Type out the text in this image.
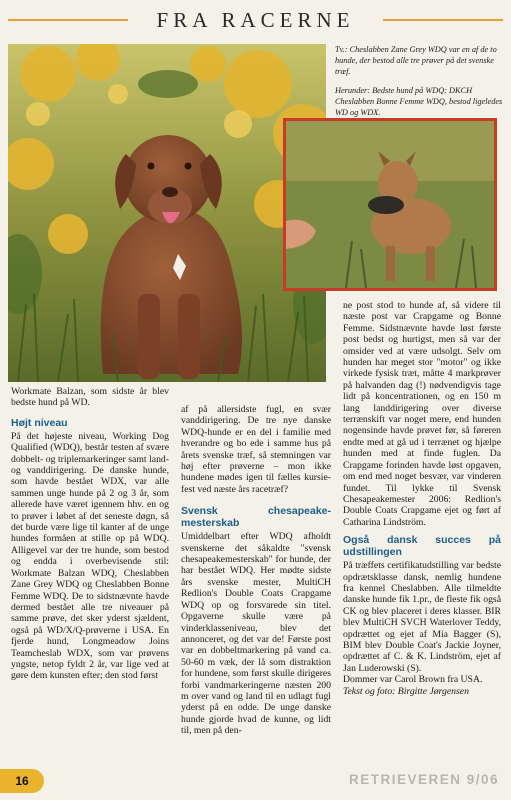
FRA RACERNE

Tv.: Cheslabben Zane Grey WDQ var en af de to hunde, der bestod alle tre prøver på det svenske træf.

Herunder: Bedste hund på WDQ: DKCH Cheslabben Bonne Femme WDQ, bestod ligeledes WD og WDX.

Workmate Balzan, som sidste år blev bedste hund på WD.

Højt niveau

På det højeste niveau, Working Dog Qualified (WDQ), består testen af svære dobbelt- og triplemarkeringer samt land- og vanddirigering. De danske hunde, som havde bestået WDX, var alle sammen unge hunde på 2 og 3 år, som allerede have været igennem hhv. en og to prøver i løbet af det seneste døgn, så det burde være lige til kanter af de unge hundes formåen at stille op på WDQ. Alligevel var der tre hunde, som bestod og endda i overbevisende stil: Workmate Balzan WDQ, Cheslabben Zane Grey WDQ og Cheslabben Bonne Femme WDQ. De to sidstnævnte havde dermed bestået alle tre niveauer på samme prøve, det sker yderst sjældent, også på WD/X/Q-prøverne i USA. En fjerde hund, Longmeadow Joins Teamcheslab WDX, som var prøvens yngste, netop fyldt 2 år, var lige ved at gøre dem kunsten efter; den stod først

af på allersidste fugl, en svær vanddirigering. De tre nye danske WDQ-hunde er en del i familie med hverandre og bo ede i samme hus på årets svenske træf, så stemningen var høj efter prøverne – mon ikke hundene mødes igen til fælles kursie-fest ved næste års racetræf?

Svensk chesapeake-mesterskab

Umiddelbart efter WDQ afholdt svenskerne det såkaldte "svensk chesapeakemesterskab" for hunde, der har bestået WDQ. Her mødte sidste års svenske mester, MultiCH Redlion's Double Coats Crapgame WDQ op og forsvarede sin titel. Opgaverne skulle være på vinderklasseniveau, blev det annonceret, og det var de! Første post var en dobbeltmarkering på vand ca. 50-60 m væk, der lå som distraktion for hundene, som først skulle dirigeres forbi vandmarkeringerne næsten 200 m over vand og land til en udlagt fugl yderst på en odde. De unge danske hunde gjorde hvad de kunne, og lidt til, men på den-

ne post stod to hunde af, så videre til næste post var Crapgame og Bonne Femme. Sidstnævnte havde løst første post bedst og hurtigst, men så var der omsider ved at være udsolgt. Selv om hunden har meget stor "motor" og ikke virkede fysisk træt, måtte 4 markprøver på halvanden dag (!) nødvendigvis tage lidt på koncentrationen, og en 150 m lang landdirigering over diverse terrænskift var noget mere, end hunden nogensinde havde prøvet før, så føreren endte med at gå ud i terrænet og hjælpe hunden med at finde fuglen. Da Crapgame forinden havde løst opgaven, om end med noget besvær, var vinderen fundet. Til lykke til Svensk Chesapeakemester 2006: Redlion's Double Coats Crapgame ejet og ført af Catharina Lindström.

Også dansk succes på udstillingen

På træffets certifikatudstilling var bedste opdrætsklasse dansk, nemlig hundene fra kennel Cheslabben. Alle tilmeldte danske hunde fik 1.pr., de fleste fik også CK og blev placeret i deres klasser. BIR blev MultiCH SVCH Waterlover Teddy, opdrættet og ejet af Mia Bagger (S), BIM blev Double Coat's Jackie Joyner, opdrættet af C. & K. Lindström, ejet af Jan Luderowski (S).

Dommer var Carol Brown fra USA.

Tekst og foto: Birgitte Jørgensen

16	RETRIEVEREN 9/06
